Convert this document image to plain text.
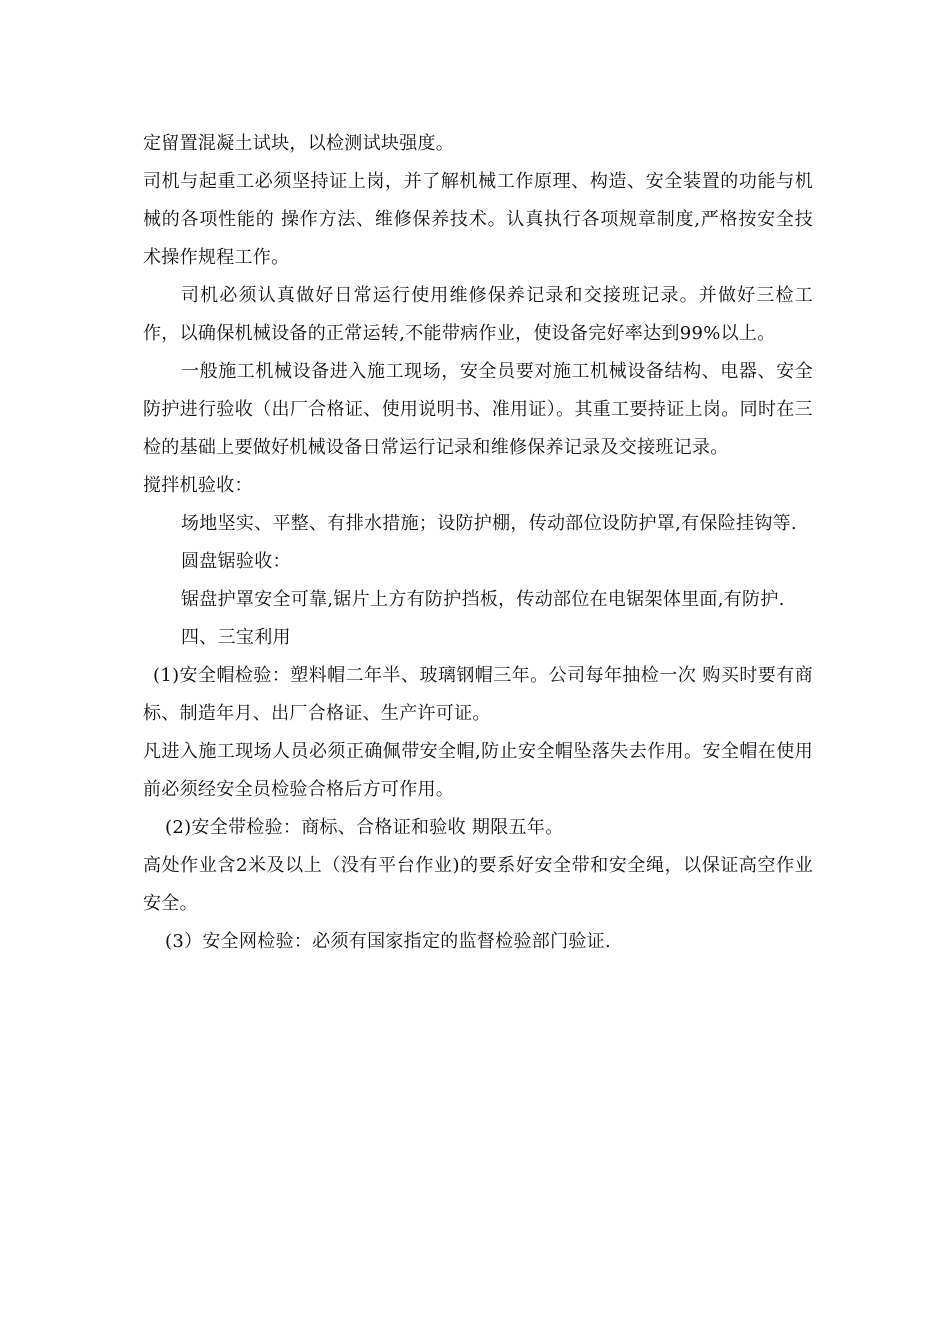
定留置混凝土试块，以检测试块强度。

司机与起重工必须坚持证上岗，并了解机械工作原理、构造、安全装置的功能与机械的各项性能的 操作方法、维修保养技术。认真执行各项规章制度,严格按安全技术操作规程工作。

司机必须认真做好日常运行使用维修保养记录和交接班记录。并做好三检工作，以确保机械设备的正常运转,不能带病作业，使设备完好率达到99%以上。

一般施工机械设备进入施工现场，安全员要对施工机械设备结构、电器、安全防护进行验收（出厂合格证、使用说明书、准用证）。其重工要持证上岗。同时在三检的基础上要做好机械设备日常运行记录和维修保养记录及交接班记录。

搅拌机验收：

场地坚实、平整、有排水措施；设防护棚，传动部位设防护罩,有保险挂钩等.

圆盘锯验收：

锯盘护罩安全可靠,锯片上方有防护挡板，传动部位在电锯架体里面,有防护.

四、三宝利用

(1)安全帽检验：塑料帽二年半、玻璃钢帽三年。公司每年抽检一次 购买时要有商标、制造年月、出厂合格证、生产许可证。

凡进入施工现场人员必须正确佩带安全帽,防止安全帽坠落失去作用。安全帽在使用前必须经安全员检验合格后方可作用。

(2)安全带检验：商标、合格证和验收 期限五年。

高处作业含2米及以上（没有平台作业)的要系好安全带和安全绳，以保证高空作业安全。

(3）安全网检验：必须有国家指定的监督检验部门验证.
